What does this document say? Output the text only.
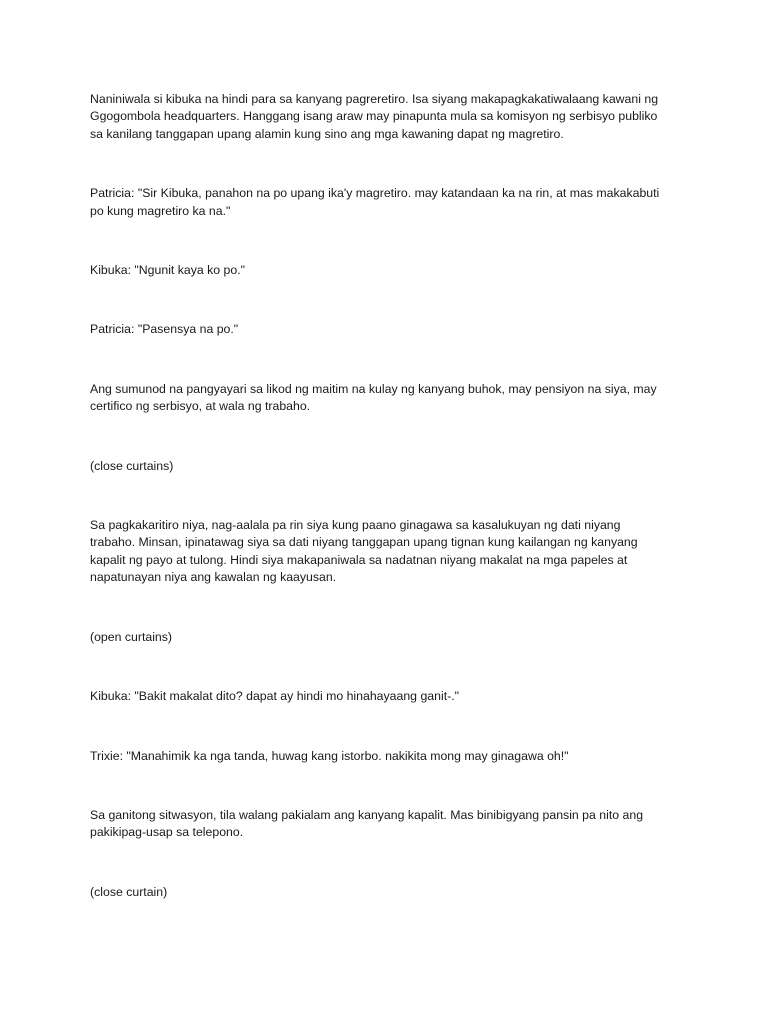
Naniniwala si kibuka na hindi para sa kanyang pagreretiro. Isa siyang makapagkakatiwalaang kawani ng
Ggogombola headquarters. Hanggang isang araw may pinapunta mula sa komisyon ng serbisyo publiko
sa kanilang tanggapan upang alamin kung sino ang mga kawaning dapat ng magretiro.

Patricia: "Sir Kibuka, panahon na po upang ika'y magretiro. may katandaan ka na rin, at mas makakabuti
po kung magretiro ka na."

Kibuka: "Ngunit kaya ko po."

Patricia: "Pasensya na po."

Ang sumunod na pangyayari sa likod ng maitim na kulay ng kanyang buhok, may pensiyon na siya, may
certifico ng serbisyo, at wala ng trabaho.

(close curtains)

Sa pagkakaritiro niya, nag-aalala pa rin siya kung paano ginagawa sa kasalukuyan ng dati niyang
trabaho. Minsan, ipinatawag siya sa dati niyang tanggapan upang tignan kung kailangan ng kanyang
kapalit ng payo at tulong. Hindi siya makapaniwala sa nadatnan niyang makalat na mga papeles at
napatunayan niya ang kawalan ng kaayusan.

(open curtains)

Kibuka: "Bakit makalat dito? dapat ay hindi mo hinahayaang ganit-."

Trixie: "Manahimik ka nga tanda, huwag kang istorbo. nakikita mong may ginagawa oh!"

Sa ganitong sitwasyon, tila walang pakialam ang kanyang kapalit. Mas binibigyang pansin pa nito ang
pakikipag-usap sa telepono.

(close curtain)
